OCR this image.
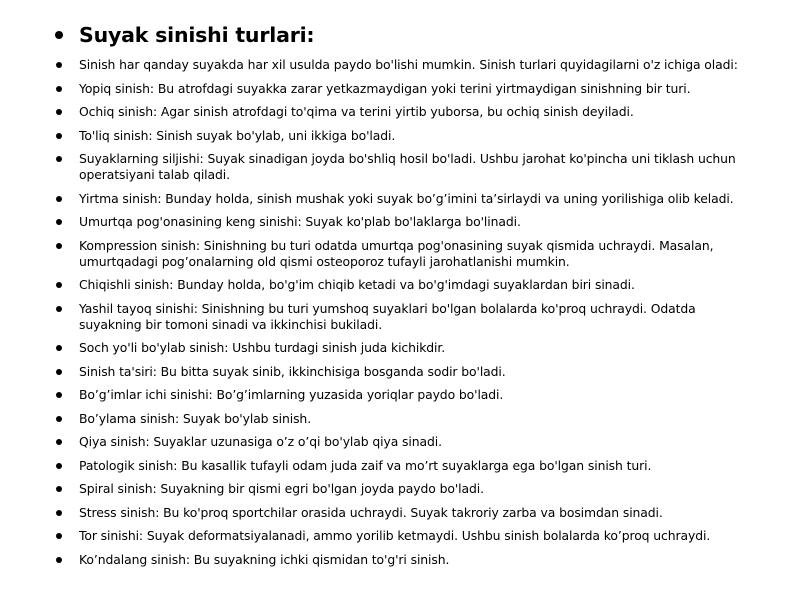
Suyak sinishi turlari:
Sinish har qanday suyakda har xil usulda paydo bo'lishi mumkin. Sinish turlari quyidagilarni o'z ichiga oladi:
Yopiq sinish: Bu atrofdagi suyakka zarar yetkazmaydigan yoki terini yirtmaydigan sinishning bir turi.
Ochiq sinish: Agar sinish atrofdagi to'qima va terini yirtib yuborsa, bu ochiq sinish deyiladi.
To'liq sinish: Sinish suyak bo'ylab, uni ikkiga bo'ladi.
Suyaklarning siljishi: Suyak sinadigan joyda bo'shliq hosil bo'ladi. Ushbu jarohat ko'pincha uni tiklash uchun operatsiyani talab qiladi.
Yirtma sinish: Bunday holda, sinish mushak yoki suyak bo’g’imini ta’sirlaydi va uning yorilishiga olib keladi.
Umurtqa pog'onasining keng sinishi: Suyak ko'plab bo'laklarga bo'linadi.
Kompression sinish: Sinishning bu turi odatda umurtqa pog'onasining suyak qismida uchraydi. Masalan, umurtqadagi pog’onalarning old qismi osteoporoz tufayli jarohatlanishi mumkin.
Chiqishli sinish: Bunday holda, bo'g'im chiqib ketadi va bo'g'imdagi suyaklardan biri sinadi.
Yashil tayoq sinishi: Sinishning bu turi yumshoq suyaklari bo'lgan bolalarda ko'proq uchraydi. Odatda suyakning bir tomoni sinadi va ikkinchisi bukiladi.
Soch yo'li bo'ylab sinish: Ushbu turdagi sinish juda kichikdir.
Sinish ta'siri: Bu bitta suyak sinib, ikkinchisiga bosganda sodir bo'ladi.
Bo’g’imlar ichi sinishi: Bo’g’imlarning yuzasida yoriqlar paydo bo'ladi.
Bo’ylama sinish: Suyak bo'ylab sinish.
Qiya sinish: Suyaklar uzunasiga o’z o’qi bo'ylab qiya sinadi.
Patologik sinish: Bu kasallik tufayli odam juda zaif va mo’rt suyaklarga ega bo'lgan sinish turi.
Spiral sinish: Suyakning bir qismi egri bo'lgan joyda paydo bo'ladi.
Stress sinish: Bu ko'proq sportchilar orasida uchraydi. Suyak takroriy zarba va bosimdan sinadi.
Tor sinishi: Suyak deformatsiyalanadi, ammo yorilib ketmaydi. Ushbu sinish bolalarda ko’proq uchraydi.
Ko’ndalang sinish: Bu suyakning ichki qismidan to'g'ri sinish.
